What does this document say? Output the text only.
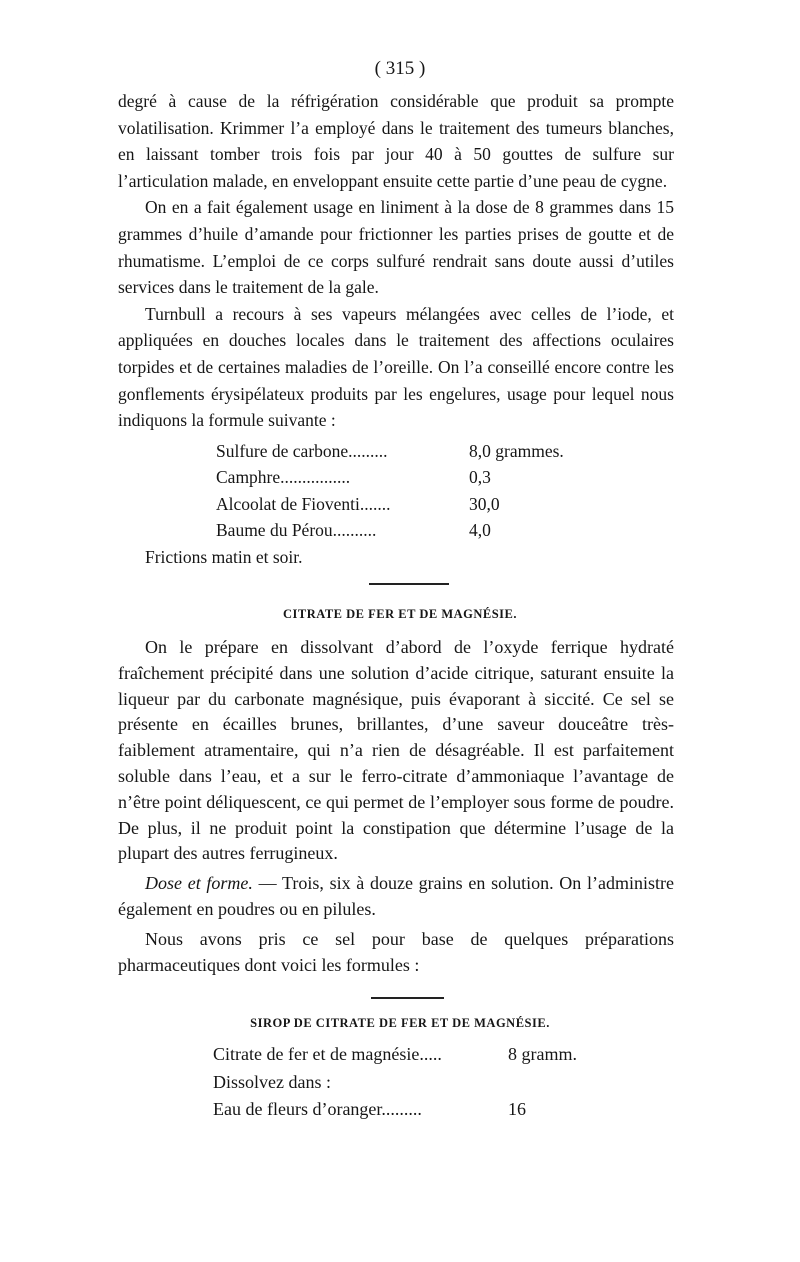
( 315 )

degré à cause de la réfrigération considérable que produit sa prompte volatilisation. Krimmer l’a employé dans le traitement des tumeurs blanches, en laissant tomber trois fois par jour 40 à 50 gouttes de sulfure sur l’articulation malade, en enveloppant ensuite cette partie d’une peau de cygne.

On en a fait également usage en liniment à la dose de 8 grammes dans 15 grammes d’huile d’amande pour frictionner les parties prises de goutte et de rhumatisme. L’emploi de ce corps sulfuré rendrait sans doute aussi d’utiles services dans le traitement de la gale.

Turnbull a recours à ses vapeurs mélangées avec celles de l’iode, et appliquées en douches locales dans le traitement des affections oculaires torpides et de certaines maladies de l’oreille. On l’a conseillé encore contre les gonflements érysipélateux produits par les engelures, usage pour lequel nous indiquons la formule suivante :

Sulfure de carbone.........	8,0 grammes.
Camphre................	0,3
Alcoolat de Fioventi.......	30,0
Baume du Pérou..........	4,0

Frictions matin et soir.

CITRATE DE FER ET DE MAGNÉSIE.

On le prépare en dissolvant d’abord de l’oxyde ferrique hydraté fraîchement précipité dans une solution d’acide citrique, saturant ensuite la liqueur par du carbonate magnésique, puis évaporant à siccité. Ce sel se présente en écailles brunes, brillantes, d’une saveur douceâtre très-faiblement atramentaire, qui n’a rien de désagréable. Il est parfaitement soluble dans l’eau, et a sur le ferro-citrate d’ammoniaque l’avantage de n’être point déliquescent, ce qui permet de l’employer sous forme de poudre. De plus, il ne produit point la constipation que détermine l’usage de la plupart des autres ferrugineux.

Dose et forme. — Trois, six à douze grains en solution. On l’administre également en poudres ou en pilules.

Nous avons pris ce sel pour base de quelques préparations pharmaceutiques dont voici les formules :

SIROP DE CITRATE DE FER ET DE MAGNÉSIE.
Citrate de fer et de magnésie.....	8 gramm.
Dissolvez dans :
Eau de fleurs d’oranger.........	16
